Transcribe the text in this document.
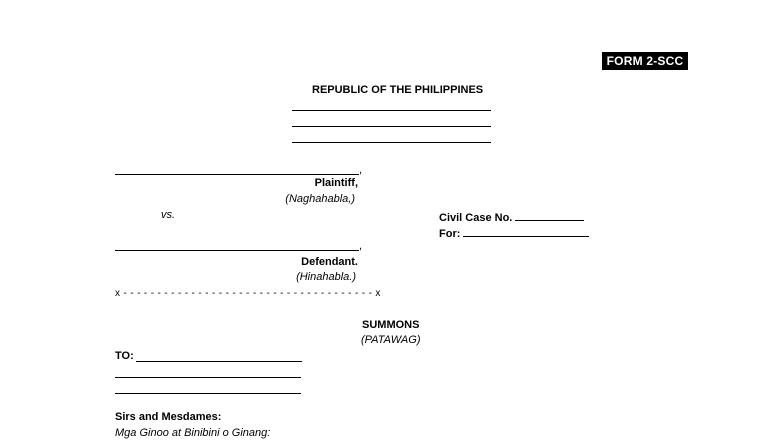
FORM 2-SCC
REPUBLIC OF THE PHILIPPINES
,
Plaintiff,
(Naghahabla,)
vs.	Civil Case No.
For:
,
Defendant.
(Hinahabla.)
x - - - - - - - - - - - - - - - - - - - - - - - - - - - - - - - - - - - - - x
SUMMONS
(PATAWAG)
TO:
Sirs and Mesdames:
Mga Ginoo at Binibini o Ginang:
